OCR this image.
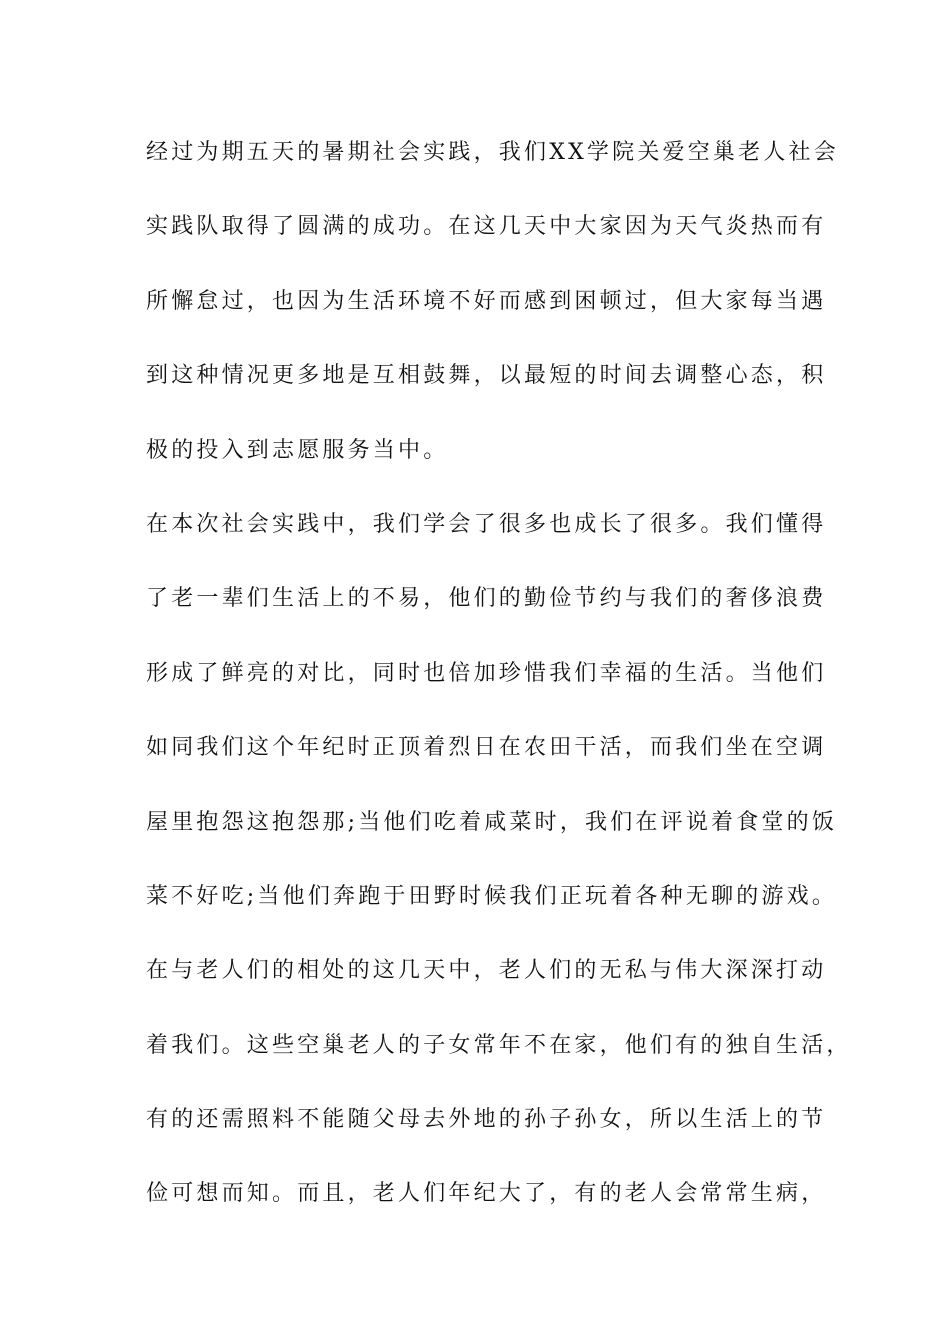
经过为期五天的暑期社会实践，我们XX学院关爱空巢老人社会
实践队取得了圆满的成功。在这几天中大家因为天气炎热而有
所懈怠过，也因为生活环境不好而感到困顿过，但大家每当遇
到这种情况更多地是互相鼓舞，以最短的时间去调整心态，积
极的投入到志愿服务当中。
在本次社会实践中，我们学会了很多也成长了很多。我们懂得
了老一辈们生活上的不易，他们的勤俭节约与我们的奢侈浪费
形成了鲜亮的对比，同时也倍加珍惜我们幸福的生活。当他们
如同我们这个年纪时正顶着烈日在农田干活，而我们坐在空调
屋里抱怨这抱怨那;当他们吃着咸菜时，我们在评说着食堂的饭
菜不好吃;当他们奔跑于田野时候我们正玩着各种无聊的游戏。
在与老人们的相处的这几天中，老人们的无私与伟大深深打动
着我们。这些空巢老人的子女常年不在家，他们有的独自生活，
有的还需照料不能随父母去外地的孙子孙女，所以生活上的节
俭可想而知。而且，老人们年纪大了，有的老人会常常生病，
